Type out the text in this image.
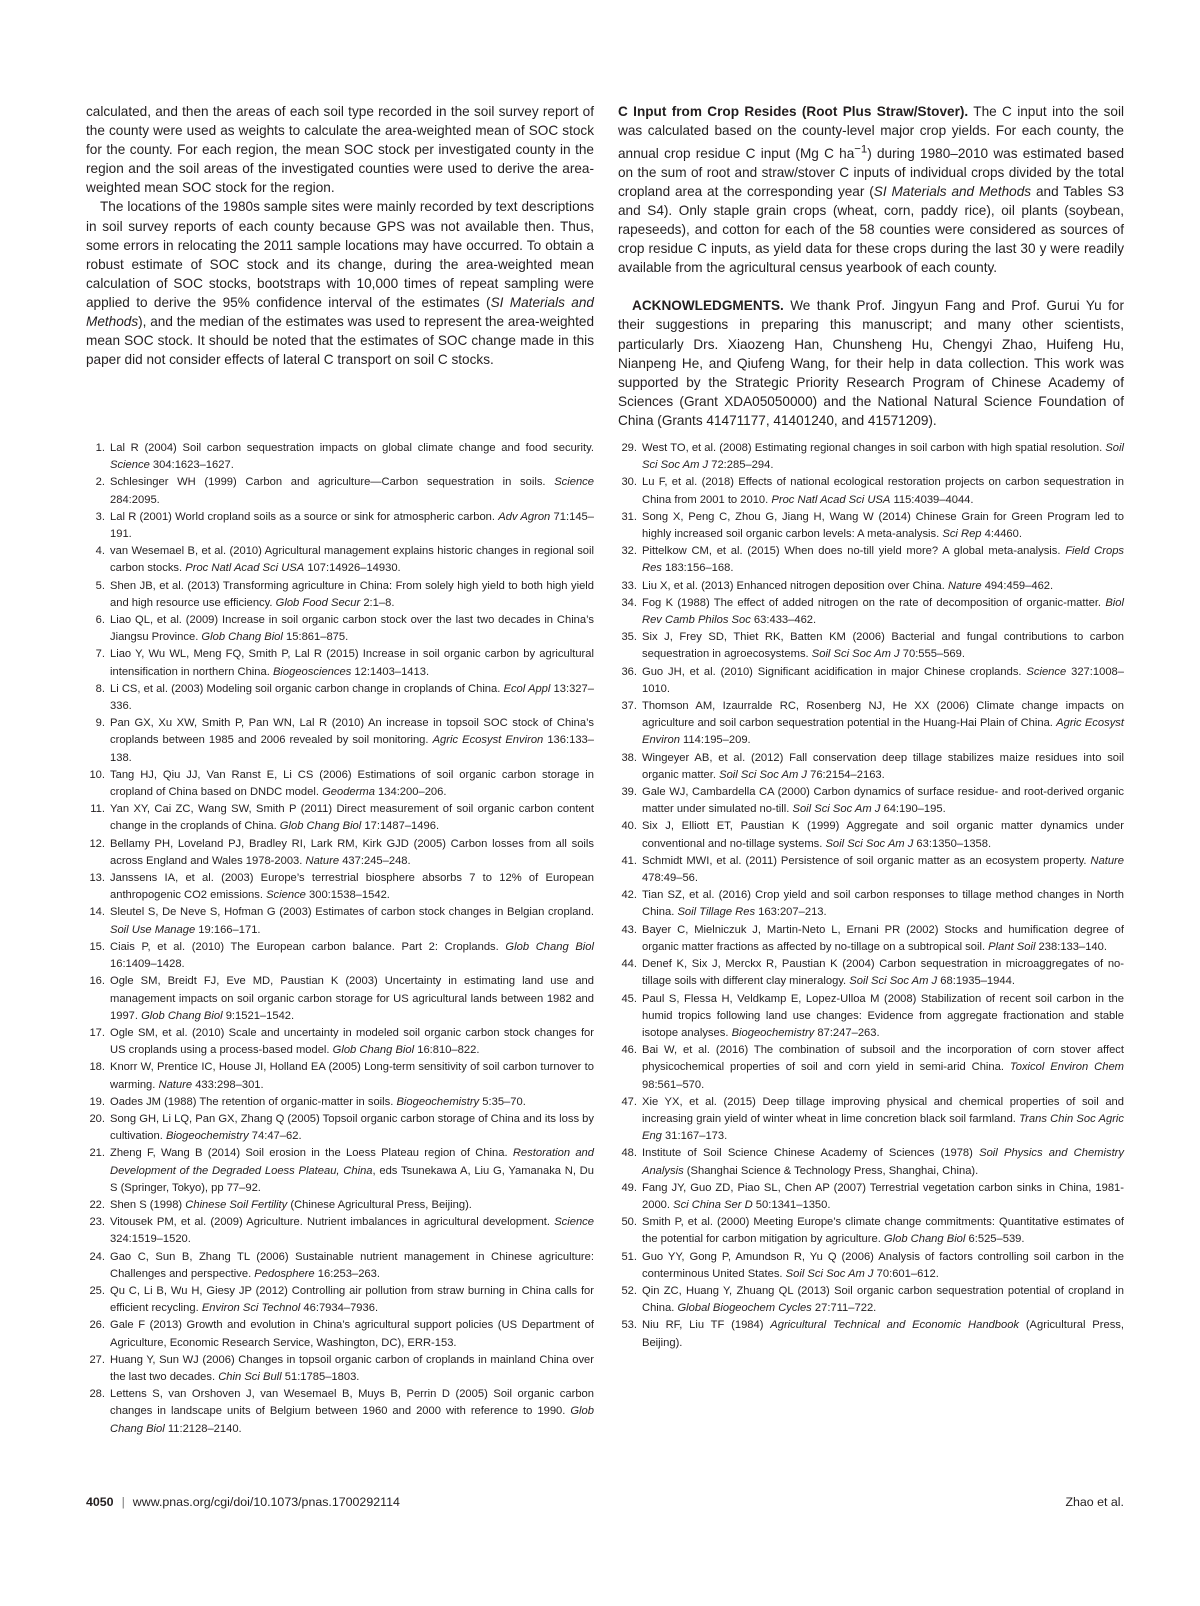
calculated, and then the areas of each soil type recorded in the soil survey report of the county were used as weights to calculate the area-weighted mean of SOC stock for the county. For each region, the mean SOC stock per investigated county in the region and the soil areas of the investigated counties were used to derive the area-weighted mean SOC stock for the region.

The locations of the 1980s sample sites were mainly recorded by text descriptions in soil survey reports of each county because GPS was not available then. Thus, some errors in relocating the 2011 sample locations may have occurred. To obtain a robust estimate of SOC stock and its change, during the area-weighted mean calculation of SOC stocks, bootstraps with 10,000 times of repeat sampling were applied to derive the 95% confidence interval of the estimates (SI Materials and Methods), and the median of the estimates was used to represent the area-weighted mean SOC stock. It should be noted that the estimates of SOC change made in this paper did not consider effects of lateral C transport on soil C stocks.

C Input from Crop Resides (Root Plus Straw/Stover). The C input into the soil was calculated based on the county-level major crop yields. For each county, the annual crop residue C input (Mg C $ha^{-1}$) during 1980–2010 was estimated based on the sum of root and straw/stover C inputs of individual crops divided by the total cropland area at the corresponding year (SI Materials and Methods and Tables S3 and S4). Only staple grain crops (wheat, corn, paddy rice), oil plants (soybean, rapeseeds), and cotton for each of the 58 counties were considered as sources of crop residue C inputs, as yield data for these crops during the last 30 y were readily available from the agricultural census yearbook of each county.

ACKNOWLEDGMENTS. We thank Prof. Jingyun Fang and Prof. Gurui Yu for their suggestions in preparing this manuscript; and many other scientists, particularly Drs. Xiaozeng Han, Chunsheng Hu, Chengyi Zhao, Huifeng Hu, Nianpeng He, and Qiufeng Wang, for their help in data collection. This work was supported by the Strategic Priority Research Program of Chinese Academy of Sciences (Grant XDA05050000) and the National Natural Science Foundation of China (Grants 41471177, 41401240, and 41571209).

1. Lal R (2004) Soil carbon sequestration impacts on global climate change and food security. Science 304:1623–1627.
2. Schlesinger WH (1999) Carbon and agriculture—Carbon sequestration in soils. Science 284:2095.
3. Lal R (2001) World cropland soils as a source or sink for atmospheric carbon. Adv Agron 71:145–191.
4. van Wesemael B, et al. (2010) Agricultural management explains historic changes in regional soil carbon stocks. Proc Natl Acad Sci USA 107:14926–14930.
5. Shen JB, et al. (2013) Transforming agriculture in China: From solely high yield to both high yield and high resource use efficiency. Glob Food Secur 2:1–8.
6. Liao QL, et al. (2009) Increase in soil organic carbon stock over the last two decades in China’s Jiangsu Province. Glob Chang Biol 15:861–875.
7. Liao Y, Wu WL, Meng FQ, Smith P, Lal R (2015) Increase in soil organic carbon by agricultural intensification in northern China. Biogeosciences 12:1403–1413.
8. Li CS, et al. (2003) Modeling soil organic carbon change in croplands of China. Ecol Appl 13:327–336.
9. Pan GX, Xu XW, Smith P, Pan WN, Lal R (2010) An increase in topsoil SOC stock of China’s croplands between 1985 and 2006 revealed by soil monitoring. Agric Ecosyst Environ 136:133–138.
10. Tang HJ, Qiu JJ, Van Ranst E, Li CS (2006) Estimations of soil organic carbon storage in cropland of China based on DNDC model. Geoderma 134:200–206.
11. Yan XY, Cai ZC, Wang SW, Smith P (2011) Direct measurement of soil organic carbon content change in the croplands of China. Glob Chang Biol 17:1487–1496.
12. Bellamy PH, Loveland PJ, Bradley RI, Lark RM, Kirk GJD (2005) Carbon losses from all soils across England and Wales 1978-2003. Nature 437:245–248.
13. Janssens IA, et al. (2003) Europe’s terrestrial biosphere absorbs 7 to 12% of European anthropogenic CO2 emissions. Science 300:1538–1542.
14. Sleutel S, De Neve S, Hofman G (2003) Estimates of carbon stock changes in Belgian cropland. Soil Use Manage 19:166–171.
15. Ciais P, et al. (2010) The European carbon balance. Part 2: Croplands. Glob Chang Biol 16:1409–1428.
16. Ogle SM, Breidt FJ, Eve MD, Paustian K (2003) Uncertainty in estimating land use and management impacts on soil organic carbon storage for US agricultural lands between 1982 and 1997. Glob Chang Biol 9:1521–1542.
17. Ogle SM, et al. (2010) Scale and uncertainty in modeled soil organic carbon stock changes for US croplands using a process-based model. Glob Chang Biol 16:810–822.
18. Knorr W, Prentice IC, House JI, Holland EA (2005) Long-term sensitivity of soil carbon turnover to warming. Nature 433:298–301.
19. Oades JM (1988) The retention of organic-matter in soils. Biogeochemistry 5:35–70.
20. Song GH, Li LQ, Pan GX, Zhang Q (2005) Topsoil organic carbon storage of China and its loss by cultivation. Biogeochemistry 74:47–62.
21. Zheng F, Wang B (2014) Soil erosion in the Loess Plateau region of China. Restoration and Development of the Degraded Loess Plateau, China, eds Tsunekawa A, Liu G, Yamanaka N, Du S (Springer, Tokyo), pp 77–92.
22. Shen S (1998) Chinese Soil Fertility (Chinese Agricultural Press, Beijing).
23. Vitousek PM, et al. (2009) Agriculture. Nutrient imbalances in agricultural development. Science 324:1519–1520.
24. Gao C, Sun B, Zhang TL (2006) Sustainable nutrient management in Chinese agriculture: Challenges and perspective. Pedosphere 16:253–263.
25. Qu C, Li B, Wu H, Giesy JP (2012) Controlling air pollution from straw burning in China calls for efficient recycling. Environ Sci Technol 46:7934–7936.
26. Gale F (2013) Growth and evolution in China’s agricultural support policies (US Department of Agriculture, Economic Research Service, Washington, DC), ERR-153.
27. Huang Y, Sun WJ (2006) Changes in topsoil organic carbon of croplands in mainland China over the last two decades. Chin Sci Bull 51:1785–1803.
28. Lettens S, van Orshoven J, van Wesemael B, Muys B, Perrin D (2005) Soil organic carbon changes in landscape units of Belgium between 1960 and 2000 with reference to 1990. Glob Chang Biol 11:2128–2140.
29. West TO, et al. (2008) Estimating regional changes in soil carbon with high spatial resolution. Soil Sci Soc Am J 72:285–294.
30. Lu F, et al. (2018) Effects of national ecological restoration projects on carbon sequestration in China from 2001 to 2010. Proc Natl Acad Sci USA 115:4039–4044.
31. Song X, Peng C, Zhou G, Jiang H, Wang W (2014) Chinese Grain for Green Program led to highly increased soil organic carbon levels: A meta-analysis. Sci Rep 4:4460.
32. Pittelkow CM, et al. (2015) When does no-till yield more? A global meta-analysis. Field Crops Res 183:156–168.
33. Liu X, et al. (2013) Enhanced nitrogen deposition over China. Nature 494:459–462.
34. Fog K (1988) The effect of added nitrogen on the rate of decomposition of organic-matter. Biol Rev Camb Philos Soc 63:433–462.
35. Six J, Frey SD, Thiet RK, Batten KM (2006) Bacterial and fungal contributions to carbon sequestration in agroecosystems. Soil Sci Soc Am J 70:555–569.
36. Guo JH, et al. (2010) Significant acidification in major Chinese croplands. Science 327:1008–1010.
37. Thomson AM, Izaurralde RC, Rosenberg NJ, He XX (2006) Climate change impacts on agriculture and soil carbon sequestration potential in the Huang-Hai Plain of China. Agric Ecosyst Environ 114:195–209.
38. Wingeyer AB, et al. (2012) Fall conservation deep tillage stabilizes maize residues into soil organic matter. Soil Sci Soc Am J 76:2154–2163.
39. Gale WJ, Cambardella CA (2000) Carbon dynamics of surface residue- and root-derived organic matter under simulated no-till. Soil Sci Soc Am J 64:190–195.
40. Six J, Elliott ET, Paustian K (1999) Aggregate and soil organic matter dynamics under conventional and no-tillage systems. Soil Sci Soc Am J 63:1350–1358.
41. Schmidt MWI, et al. (2011) Persistence of soil organic matter as an ecosystem property. Nature 478:49–56.
42. Tian SZ, et al. (2016) Crop yield and soil carbon responses to tillage method changes in North China. Soil Tillage Res 163:207–213.
43. Bayer C, Mielniczuk J, Martin-Neto L, Ernani PR (2002) Stocks and humification degree of organic matter fractions as affected by no-tillage on a subtropical soil. Plant Soil 238:133–140.
44. Denef K, Six J, Merckx R, Paustian K (2004) Carbon sequestration in microaggregates of no-tillage soils with different clay mineralogy. Soil Sci Soc Am J 68:1935–1944.
45. Paul S, Flessa H, Veldkamp E, Lopez-Ulloa M (2008) Stabilization of recent soil carbon in the humid tropics following land use changes: Evidence from aggregate fractionation and stable isotope analyses. Biogeochemistry 87:247–263.
46. Bai W, et al. (2016) The combination of subsoil and the incorporation of corn stover affect physicochemical properties of soil and corn yield in semi-arid China. Toxicol Environ Chem 98:561–570.
47. Xie YX, et al. (2015) Deep tillage improving physical and chemical properties of soil and increasing grain yield of winter wheat in lime concretion black soil farmland. Trans Chin Soc Agric Eng 31:167–173.
48. Institute of Soil Science Chinese Academy of Sciences (1978) Soil Physics and Chemistry Analysis (Shanghai Science & Technology Press, Shanghai, China).
49. Fang JY, Guo ZD, Piao SL, Chen AP (2007) Terrestrial vegetation carbon sinks in China, 1981-2000. Sci China Ser D 50:1341–1350.
50. Smith P, et al. (2000) Meeting Europe’s climate change commitments: Quantitative estimates of the potential for carbon mitigation by agriculture. Glob Chang Biol 6:525–539.
51. Guo YY, Gong P, Amundson R, Yu Q (2006) Analysis of factors controlling soil carbon in the conterminous United States. Soil Sci Soc Am J 70:601–612.
52. Qin ZC, Huang Y, Zhuang QL (2013) Soil organic carbon sequestration potential of cropland in China. Global Biogeochem Cycles 27:711–722.
53. Niu RF, Liu TF (1984) Agricultural Technical and Economic Handbook (Agricultural Press, Beijing).
4050 | www.pnas.org/cgi/doi/10.1073/pnas.1700292114	Zhao et al.
